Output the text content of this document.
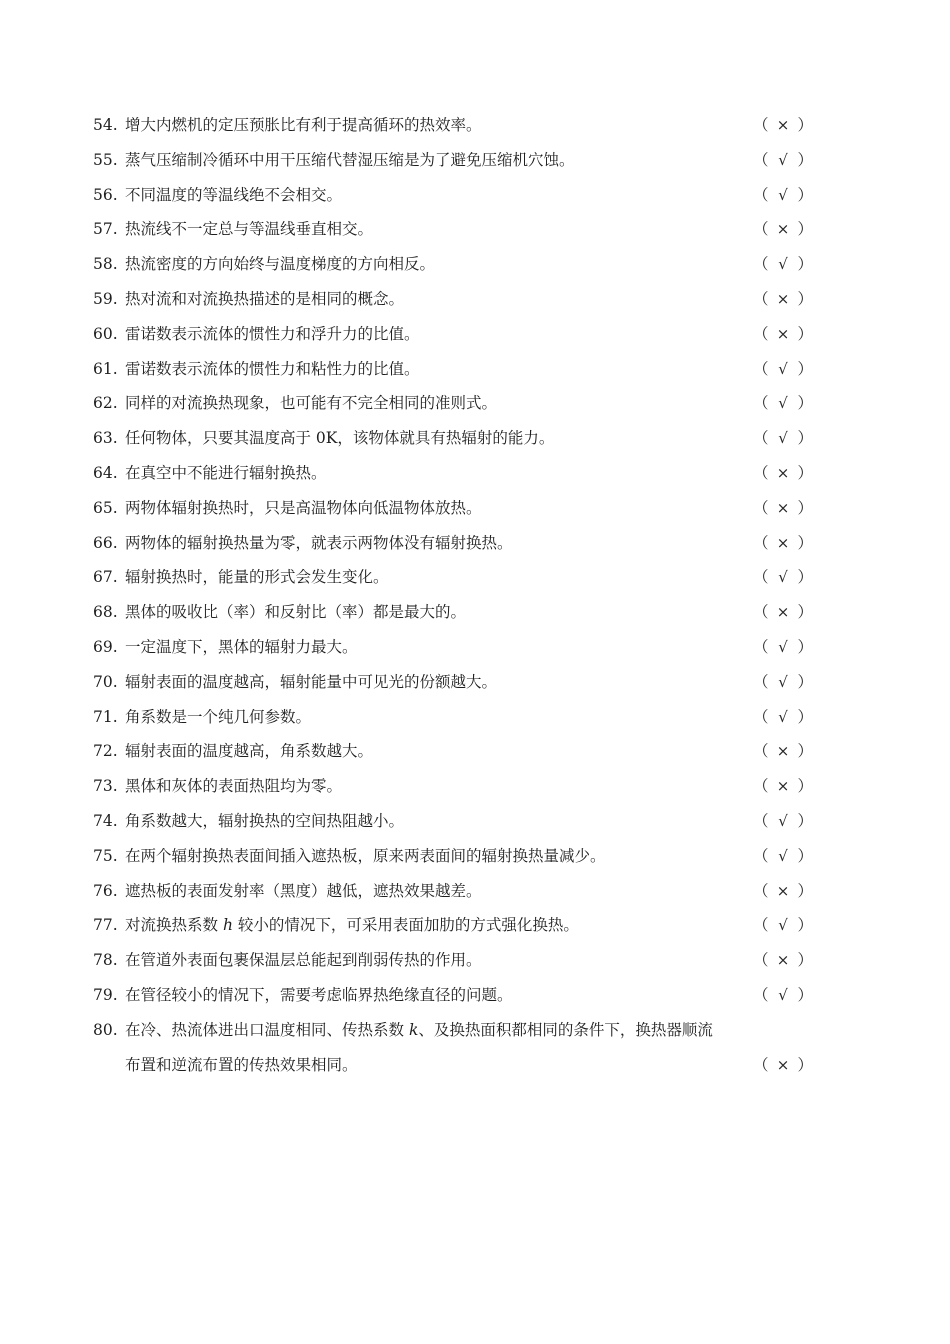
54. 增大内燃机的定压预胀比有利于提高循环的热效率。	（ × ）
55. 蒸气压缩制冷循环中用干压缩代替湿压缩是为了避免压缩机穴蚀。	（ √ ）
56. 不同温度的等温线绝不会相交。	（ √ ）
57. 热流线不一定总与等温线垂直相交。	（ × ）
58. 热流密度的方向始终与温度梯度的方向相反。	（ √ ）
59. 热对流和对流换热描述的是相同的概念。	（ × ）
60. 雷诺数表示流体的惯性力和浮升力的比值。	（ × ）
61. 雷诺数表示流体的惯性力和粘性力的比值。	（ √ ）
62. 同样的对流换热现象，也可能有不完全相同的准则式。	（ √ ）
63. 任何物体，只要其温度高于 0K，该物体就具有热辐射的能力。	（ √ ）
64. 在真空中不能进行辐射换热。	（ × ）
65. 两物体辐射换热时，只是高温物体向低温物体放热。	（ × ）
66. 两物体的辐射换热量为零，就表示两物体没有辐射换热。	（ × ）
67. 辐射换热时，能量的形式会发生变化。	（ √ ）
68. 黑体的吸收比（率）和反射比（率）都是最大的。	（ × ）
69. 一定温度下，黑体的辐射力最大。	（ √ ）
70. 辐射表面的温度越高，辐射能量中可见光的份额越大。	（ √ ）
71. 角系数是一个纯几何参数。	（ √ ）
72. 辐射表面的温度越高，角系数越大。	（ × ）
73. 黑体和灰体的表面热阻均为零。	（ × ）
74. 角系数越大，辐射换热的空间热阻越小。	（ √ ）
75. 在两个辐射换热表面间插入遮热板，原来两表面间的辐射换热量减少。	（ √ ）
76. 遮热板的表面发射率（黑度）越低，遮热效果越差。	（ × ）
77. 对流换热系数 h 较小的情况下，可采用表面加肋的方式强化换热。	（ √ ）
78. 在管道外表面包裹保温层总能起到削弱传热的作用。	（ × ）
79. 在管径较小的情况下，需要考虑临界热绝缘直径的问题。	（ √ ）
80. 在冷、热流体进出口温度相同、传热系数 k、及换热面积都相同的条件下，换热器顺流
布置和逆流布置的传热效果相同。	（ × ）
